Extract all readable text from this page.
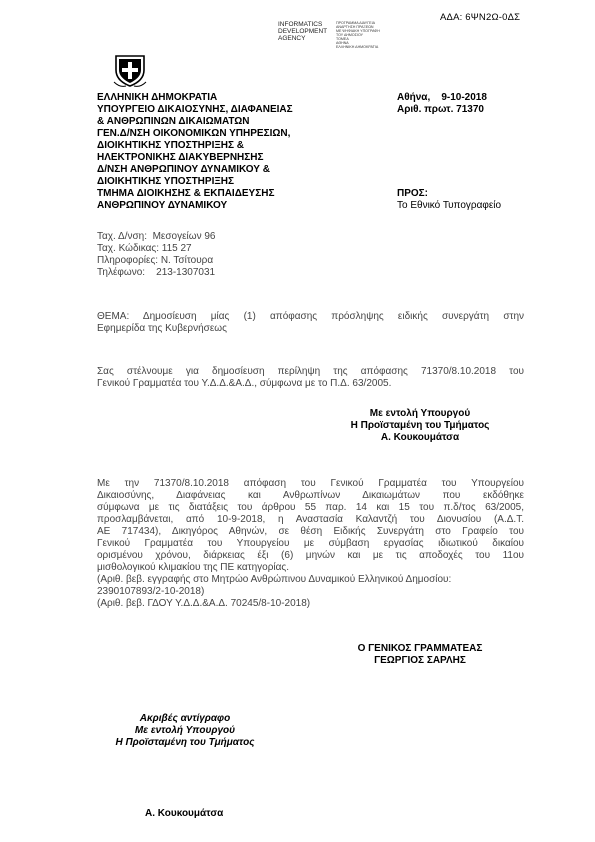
ΑΔΑ: 6ΨΝ2Ω-0ΔΣ
INFORMATICS
DEVELOPMENT
AGENCY
ΠΡΟΓΡΑΜΜΑ ΔΙΑΥΓΕΙΑ
ΑΝΑΡΤΗΣΗ ΠΡΑΞΕΩΝ
ΜΕ ΨΗΦΙΑΚΗ ΥΠΟΓΡΑΦΗ
ΤΟΥ ΔΗΜΟΣΙΟΥ
ΤΟΜΕΑ
ΑΘΗΝΑ
ΕΛΛΗΝΙΚΗ ΔΗΜΟΚΡΑΤΙΑ
ΕΛΛΗΝΙΚΗ ΔΗΜΟΚΡΑΤΙΑ
ΥΠΟΥΡΓΕΙΟ ΔΙΚΑΙΟΣΥΝΗΣ, ΔΙΑΦΑΝΕΙΑΣ
& ΑΝΘΡΩΠΙΝΩΝ ΔΙΚΑΙΩΜΑΤΩΝ
ΓΕΝ.Δ/ΝΣΗ ΟΙΚΟΝΟΜΙΚΩΝ ΥΠΗΡΕΣΙΩΝ,
ΔΙΟΙΚΗΤΙΚΗΣ ΥΠΟΣΤΗΡΙΞΗΣ &
ΗΛΕΚΤΡΟΝΙΚΗΣ ΔΙΑΚΥΒΕΡΝΗΣΗΣ
Δ/ΝΣΗ ΑΝΘΡΩΠΙΝΟΥ ΔΥΝΑΜΙΚΟΥ &
ΔΙΟΙΚΗΤΙΚΗΣ ΥΠΟΣΤΗΡΙΞΗΣ
ΤΜΗΜΑ ΔΙΟΙΚΗΣΗΣ & ΕΚΠΑΙΔΕΥΣΗΣ
ΑΝΘΡΩΠΙΝΟΥ ΔΥΝΑΜΙΚΟΥ
Ταχ. Δ/νση:  Μεσογείων 96
Ταχ. Κώδικας: 115 27
Πληροφορίες: Ν. Τσίτουρα
Τηλέφωνο:    213-1307031
Αθήνα,    9-10-2018
Αριθ. πρωτ. 71370
ΠΡΟΣ:
Το Εθνικό Τυπογραφείο
ΘΕΜΑ: Δημοσίευση μίας (1) απόφασης πρόσληψης ειδικής συνεργάτη στην
Εφημερίδα της Κυβερνήσεως
Σας στέλνουμε για δημοσίευση περίληψη της απόφασης 71370/8.10.2018 του
Γενικού Γραμματέα του Υ.Δ.Δ.&Α.Δ., σύμφωνα με το Π.Δ. 63/2005.
Με εντολή Υπουργού
Η Προϊσταμένη του Τμήματος
Α. Κουκουμάτσα
Με την 71370/8.10.2018 απόφαση του Γενικού Γραμματέα του Υπουργείου
Δικαιοσύνης, Διαφάνειας και Ανθρωπίνων Δικαιωμάτων που εκδόθηκε
σύμφωνα με τις διατάξεις του άρθρου 55 παρ. 14 και 15 του π.δ/τος 63/2005,
προσλαμβάνεται, από 10-9-2018, η Αναστασία Καλαντζή του Διονυσίου (Α.Δ.Τ.
ΑΕ 717434), Δικηγόρος Αθηνών, σε θέση Ειδικής Συνεργάτη στο Γραφείο του
Γενικού Γραμματέα του Υπουργείου με σύμβαση εργασίας ιδιωτικού δικαίου
ορισμένου χρόνου, διάρκειας έξι (6) μηνών και με τις αποδοχές του 11ου
μισθολογικού κλιμακίου της ΠΕ κατηγορίας.
(Αριθ. βεβ. εγγραφής στο Μητρώο Ανθρώπινου Δυναμικού Ελληνικού Δημοσίου:
2390107893/2-10-2018)
(Αριθ. βεβ. ΓΔΟΥ Υ.Δ.Δ.&Α.Δ. 70245/8-10-2018)
Ο ΓΕΝΙΚΟΣ ΓΡΑΜΜΑΤΕΑΣ
ΓΕΩΡΓΙΟΣ ΣΑΡΛΗΣ
Ακριβές αντίγραφο
Με εντολή Υπουργού
Η Προϊσταμένη του Τμήματος
Α. Κουκουμάτσα
